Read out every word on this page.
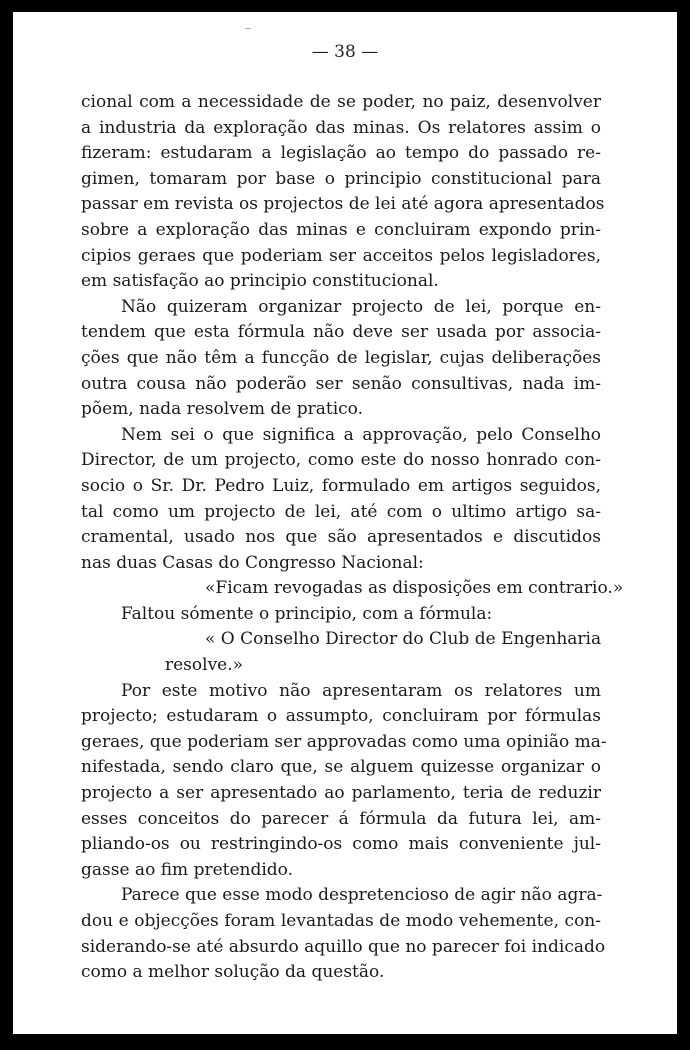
‾
— 38 —
cional com a necessidade de se poder, no paiz, desenvolver
a industria da exploração das minas. Os relatores assim o
fizeram: estudaram a legislação ao tempo do passado re-
gimen, tomaram por base o principio constitucional para
passar em revista os projectos de lei até agora apresentados
sobre a exploração das minas e concluiram expondo prin-
cipios geraes que poderiam ser acceitos pelos legisladores,
em satisfação ao principio constitucional.
Não quizeram organizar projecto de lei, porque en-
tendem que esta fórmula não deve ser usada por associa-
ções que não têm a funcção de legislar, cujas deliberações
outra cousa não poderão ser senão consultivas, nada im-
põem, nada resolvem de pratico.
Nem sei o que significa a approvação, pelo Conselho
Director, de um projecto, como este do nosso honrado con-
socio o Sr. Dr. Pedro Luiz, formulado em artigos seguidos,
tal como um projecto de lei, até com o ultimo artigo sa-
cramental, usado nos que são apresentados e discutidos
nas duas Casas do Congresso Nacional:
«Ficam revogadas as disposições em contrario.»
Faltou sómente o principio, com a fórmula:
« O Conselho Director do Club de Engenharia
resolve.»
Por este motivo não apresentaram os relatores um
projecto; estudaram o assumpto, concluiram por fórmulas
geraes, que poderiam ser approvadas como uma opinião ma-
nifestada, sendo claro que, se alguem quizesse organizar o
projecto a ser apresentado ao parlamento, teria de reduzir
esses conceitos do parecer á fórmula da futura lei, am-
pliando-os ou restringindo-os como mais conveniente jul-
gasse ao fim pretendido.
Parece que esse modo despretencioso de agir não agra-
dou e objecções foram levantadas de modo vehemente, con-
siderando-se até absurdo aquillo que no parecer foi indicado
como a melhor solução da questão.
